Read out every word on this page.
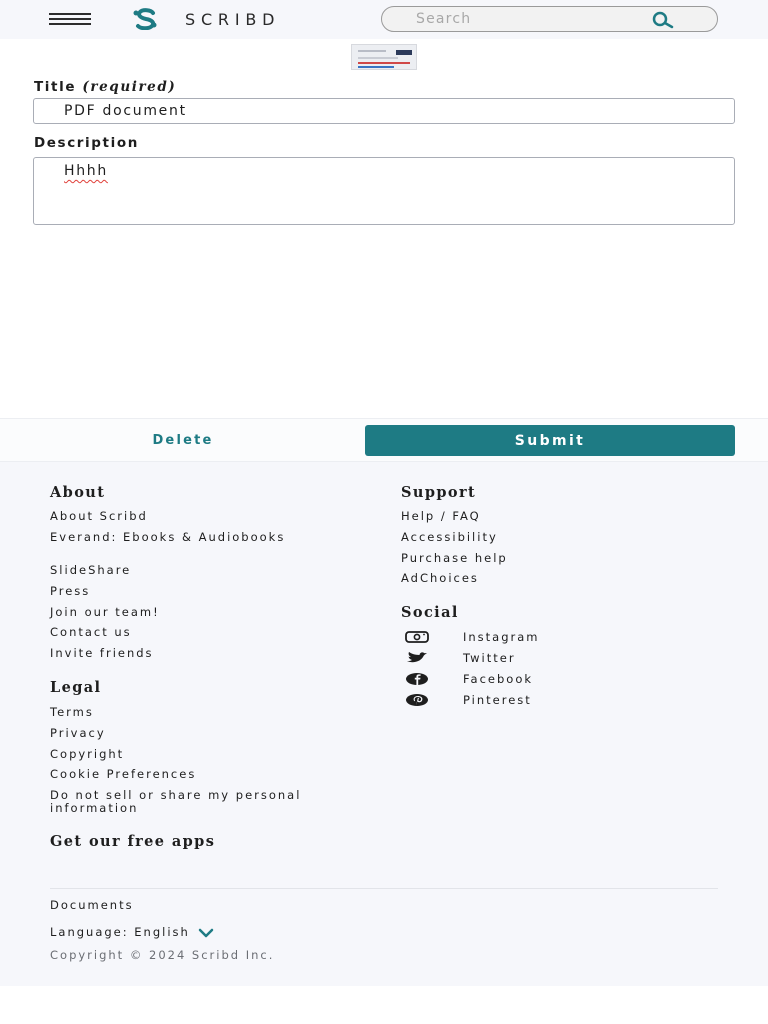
SCRIBD
Search
Title (required)
PDF document
Description
Hhhh
Delete	Submit
About
About Scribd
Everand: Ebooks & Audiobooks
SlideShare
Press
Join our team!
Contact us
Invite friends
Legal
Terms
Privacy
Copyright
Cookie Preferences
Do not sell or share my personal information
Get our free apps
Support
Help / FAQ
Accessibility
Purchase help
AdChoices
Social
Instagram
Twitter
Facebook
Pinterest
Documents
Language: English
Copyright © 2024 Scribd Inc.
